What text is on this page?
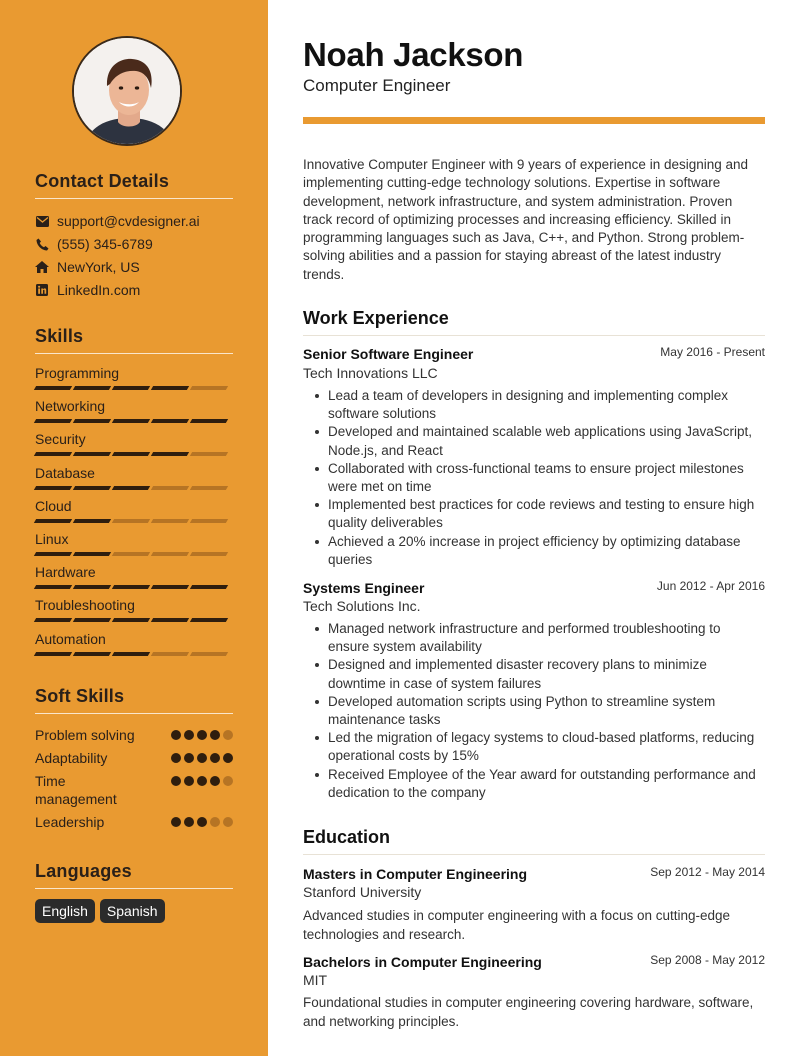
Contact Details
support@cvdesigner.ai
(555) 345-6789
NewYork, US
LinkedIn.com
Skills
Programming
Networking
Security
Database
Cloud
Linux
Hardware
Troubleshooting
Automation
Soft Skills
Problem solving
Adaptability
Time management
Leadership
Languages
English	Spanish
Noah Jackson
Computer Engineer
Innovative Computer Engineer with 9 years of experience in designing and implementing cutting-edge technology solutions. Expertise in software development, network infrastructure, and system administration. Proven track record of optimizing processes and increasing efficiency. Skilled in programming languages such as Java, C++, and Python. Strong problem-solving abilities and a passion for staying abreast of the latest industry trends.
Work Experience
Senior Software Engineer	May 2016 - Present
Tech Innovations LLC
Lead a team of developers in designing and implementing complex software solutions
Developed and maintained scalable web applications using JavaScript, Node.js, and React
Collaborated with cross-functional teams to ensure project milestones were met on time
Implemented best practices for code reviews and testing to ensure high quality deliverables
Achieved a 20% increase in project efficiency by optimizing database queries
Systems Engineer	Jun 2012 - Apr 2016
Tech Solutions Inc.
Managed network infrastructure and performed troubleshooting to ensure system availability
Designed and implemented disaster recovery plans to minimize downtime in case of system failures
Developed automation scripts using Python to streamline system maintenance tasks
Led the migration of legacy systems to cloud-based platforms, reducing operational costs by 15%
Received Employee of the Year award for outstanding performance and dedication to the company
Education
Masters in Computer Engineering	Sep 2012 - May 2014
Stanford University
Advanced studies in computer engineering with a focus on cutting-edge technologies and research.
Bachelors in Computer Engineering	Sep 2008 - May 2012
MIT
Foundational studies in computer engineering covering hardware, software, and networking principles.
